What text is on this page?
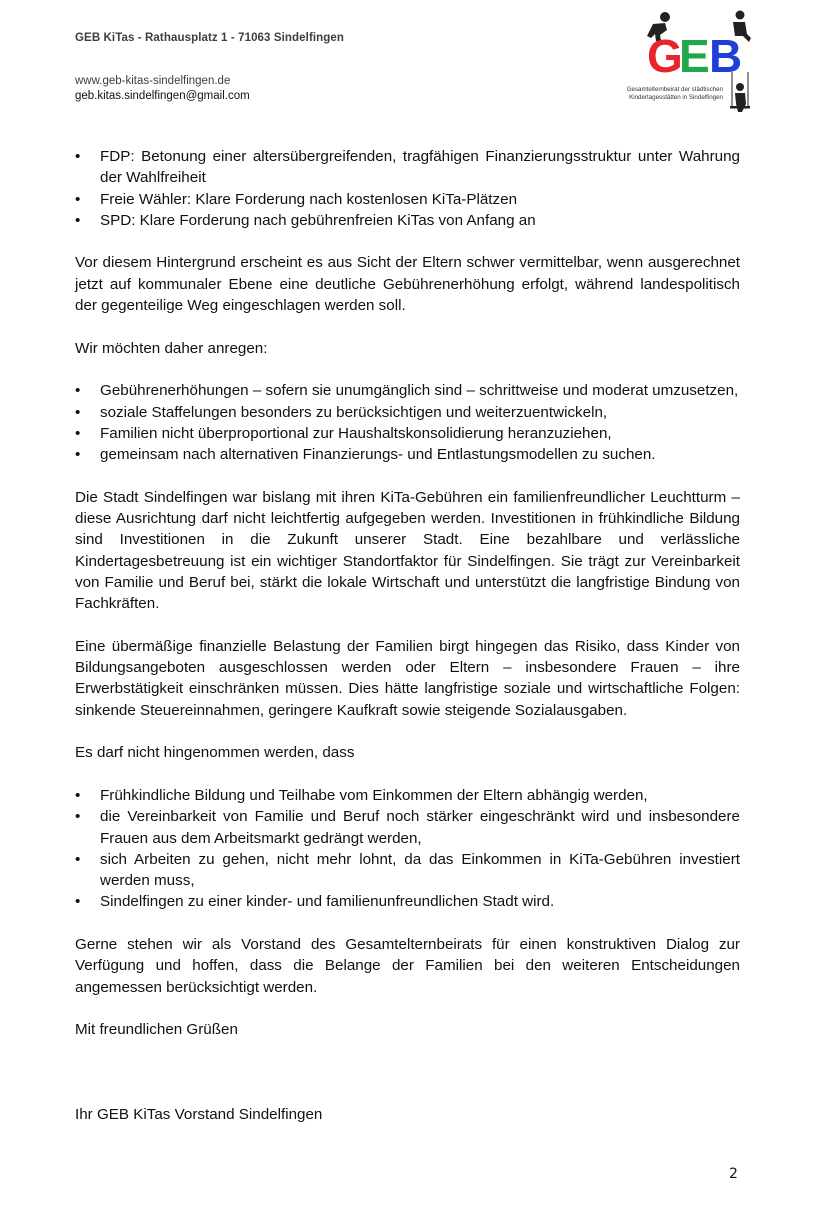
GEB KiTas - Rathausplatz 1 - 71063 Sindelfingen
www.geb-kitas-sindelfingen.de
geb.kitas.sindelfingen@gmail.com
G
E B
Gesamtelternbeirat der städtischen
Kindertagesstätten in Sindelfingen
• FDP: Betonung einer altersübergreifenden, tragfähigen Finanzierungsstruktur unter Wahrung der Wahlfreiheit
• Freie Wähler: Klare Forderung nach kostenlosen KiTa-Plätzen
• SPD: Klare Forderung nach gebührenfreien KiTas von Anfang an

Vor diesem Hintergrund erscheint es aus Sicht der Eltern schwer vermittelbar, wenn ausgerechnet jetzt auf kommunaler Ebene eine deutliche Gebührenerhöhung erfolgt, während landespolitisch der gegenteilige Weg eingeschlagen werden soll.

Wir möchten daher anregen:

• Gebührenerhöhungen – sofern sie unumgänglich sind – schrittweise und moderat umzusetzen,
• soziale Staffelungen besonders zu berücksichtigen und weiterzuentwickeln,
• Familien nicht überproportional zur Haushaltskonsolidierung heranzuziehen,
• gemeinsam nach alternativen Finanzierungs- und Entlastungsmodellen zu suchen.

Die Stadt Sindelfingen war bislang mit ihren KiTa-Gebühren ein familienfreundlicher Leuchtturm – diese Ausrichtung darf nicht leichtfertig aufgegeben werden. Investitionen in frühkindliche Bildung sind Investitionen in die Zukunft unserer Stadt. Eine bezahlbare und verlässliche Kindertagesbetreuung ist ein wichtiger Standortfaktor für Sindelfingen. Sie trägt zur Vereinbarkeit von Familie und Beruf bei, stärkt die lokale Wirtschaft und unterstützt die langfristige Bindung von Fachkräften.

Eine übermäßige finanzielle Belastung der Familien birgt hingegen das Risiko, dass Kinder von Bildungsangeboten ausgeschlossen werden oder Eltern – insbesondere Frauen – ihre Erwerbstätigkeit einschränken müssen. Dies hätte langfristige soziale und wirtschaftliche Folgen: sinkende Steuereinnahmen, geringere Kaufkraft sowie steigende Sozialausgaben.

Es darf nicht hingenommen werden, dass

• Frühkindliche Bildung und Teilhabe vom Einkommen der Eltern abhängig werden,
• die Vereinbarkeit von Familie und Beruf noch stärker eingeschränkt wird und insbesondere Frauen aus dem Arbeitsmarkt gedrängt werden,
• sich Arbeiten zu gehen, nicht mehr lohnt, da das Einkommen in KiTa-Gebühren investiert werden muss,
• Sindelfingen zu einer kinder- und familienunfreundlichen Stadt wird.

Gerne stehen wir als Vorstand des Gesamtelternbeirats für einen konstruktiven Dialog zur Verfügung und hoffen, dass die Belange der Familien bei den weiteren Entscheidungen angemessen berücksichtigt werden.

Mit freundlichen Grüßen

Ihr GEB KiTas Vorstand Sindelfingen

2
